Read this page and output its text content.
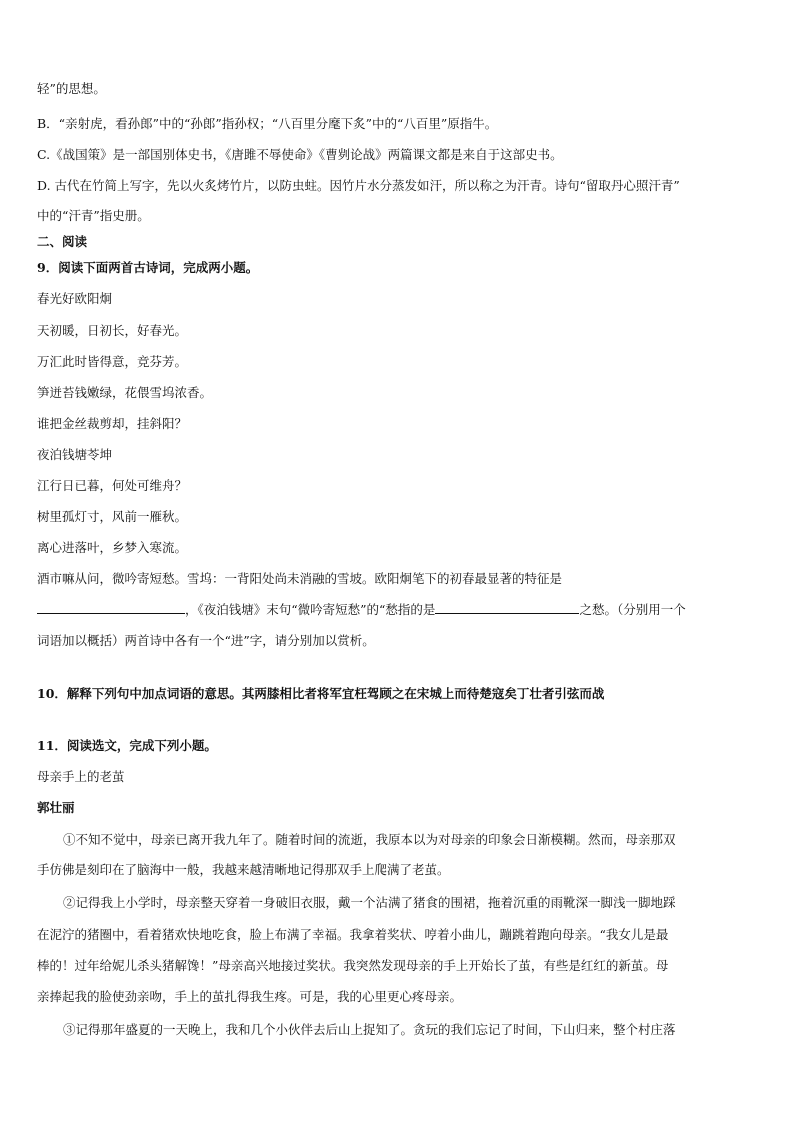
轻”的思想。

B．“亲射虎，看孙郎”中的“孙郎”指孙权；“八百里分麾下炙”中的“八百里”原指牛。

C.《战国策》是一部国别体史书，《唐雎不辱使命》《曹刿论战》两篇课文都是来自于这部史书。

D. 古代在竹简上写字，先以火炙烤竹片，以防虫蛀。因竹片水分蒸发如汗，所以称之为汗青。诗句“留取丹心照汗青”

中的“汗青”指史册。

二、阅读

9．阅读下面两首古诗词，完成两小题。

春光好欧阳炯

天初暖，日初长，好春光。

万汇此时皆得意，竞芬芳。

笋迸苔钱嫩绿，花偎雪坞浓香。

谁把金丝裁剪却，挂斜阳？

夜泊钱塘苓坤

江行日已暮，何处可维舟？

树里孤灯寸，风前一雁秋。

离心进落叶，乡梦入寒流。

酒市嘛从问，微吟寄短愁。雪坞：一背阳处尚未消融的雪坡。欧阳炯笔下的初春最显著的特征是

，《夜泊钱塘》末句“微吟寄短愁”的“愁指的是	之愁。（分别用一个

词语加以概括）两首诗中各有一个“进”字，请分别加以赏析。

10．解释下列句中加点词语的意思。其两膝相比者将军宜枉驾顾之在宋城上而待楚寇矣丁壮者引弦而战

11．阅读选文，完成下列小题。

母亲手上的老茧

郭壮丽

①不知不觉中，母亲已离开我九年了。随着时间的流逝，我原本以为对母亲的印象会日渐模糊。然而，母亲那双

手仿佛是刻印在了脑海中一般，我越来越清晰地记得那双手上爬满了老茧。

②记得我上小学时，母亲整天穿着一身破旧衣服，戴一个沾满了猪食的围裙，拖着沉重的雨靴深一脚浅一脚地踩

在泥泞的猪圈中，看着猪欢快地吃食，脸上布满了幸福。我拿着奖状、哼着小曲儿，蹦跳着跑向母亲。“我女儿是最

棒的！过年给妮儿杀头猪解馋！”母亲高兴地接过奖状。我突然发现母亲的手上开始长了茧，有些是红红的新茧。母

亲捧起我的脸使劲亲吻，手上的茧扎得我生疼。可是，我的心里更心疼母亲。

③记得那年盛夏的一天晚上，我和几个小伙伴去后山上捉知了。贪玩的我们忘记了时间，下山归来，整个村庄落
